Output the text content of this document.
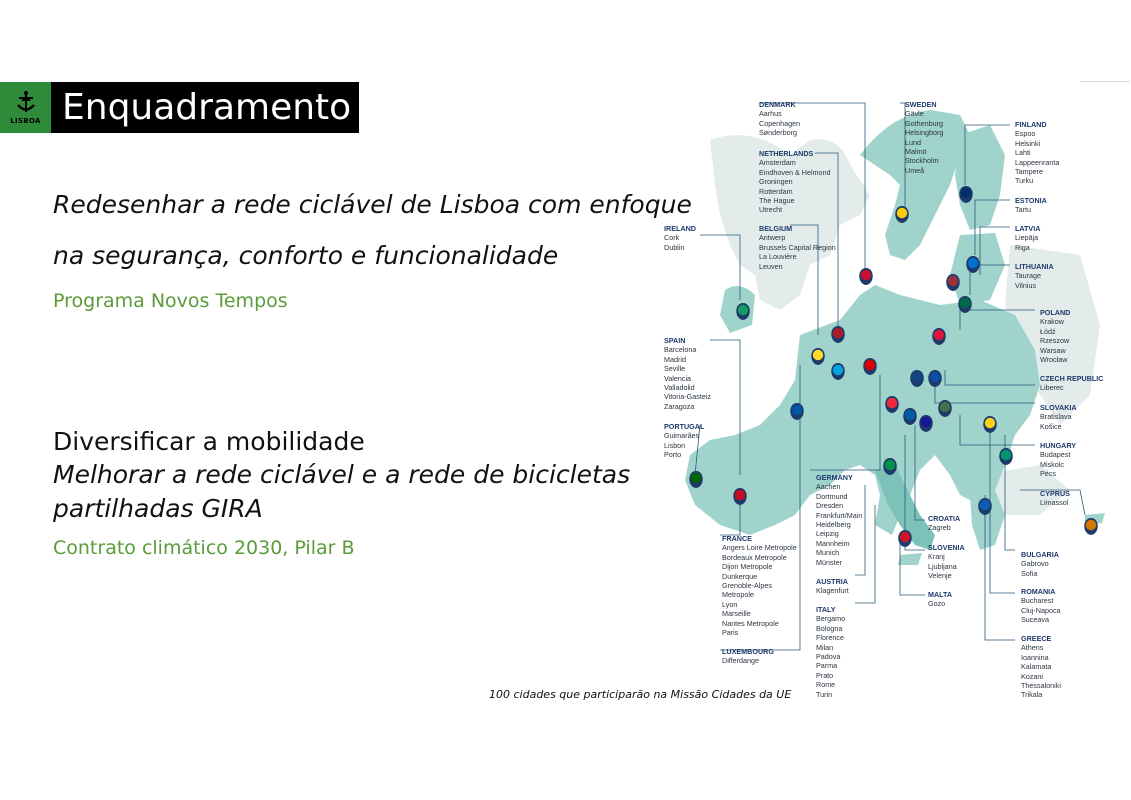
LISBOA Enquadramento
Redesenhar a rede ciclável de Lisboa com enfoque
na segurança, conforto e funcionalidade
Programa Novos Tempos
Diversificar a mobilidade
Melhorar a rede ciclável e a rede de bicicletas
partilhadas GIRA
Contrato climático 2030, Pilar B
DENMARK
Aarhus
Copenhagen
Sønderborg
NETHERLANDS
Amsterdam
Eindhoven & Helmond
Groningen
Rotterdam
The Hague
Utrecht
BELGIUM
Antwerp
Brussels Capital Region
La Louvière
Leuven
IRELAND
Cork
Dublin
SPAIN
Barcelona
Madrid
Seville
Valencia
Valladolid
Vitoria-Gasteiz
Zaragoza
PORTUGAL
Guimarães
Lisbon
Porto
FRANCE
Angers Loire Metropole
Bordeaux Metropole
Dijon Metropole
Dunkerque
Grenoble-Alpes
Metropole
Lyon
Marseille
Nantes Metropole
Paris
LUXEMBOURG
Differdange
GERMANY
Aachen
Dortmund
Dresden
Frankfurt/Main
Heidelberg
Leipzig
Mannheim
Munich
Münster
AUSTRIA
Klagenfurt
ITALY
Bergamo
Bologna
Florence
Milan
Padova
Parma
Prato
Rome
Turin
SWEDEN
Gävle
Gothenburg
Helsingborg
Lund
Malmö
Stockholm
Umeå
FINLAND
Espoo
Helsinki
Lahti
Lappeenranta
Tampere
Turku
ESTONIA
Tartu
LATVIA
Liepāja
Riga
LITHUANIA
Taurage
Vilnius
POLAND
Krakow
Łódź
Rzeszow
Warsaw
Wrocław
CZECH REPUBLIC
Liberec
SLOVAKIA
Bratislava
Košice
HUNGARY
Budapest
Miskolc
Pécs
CYPRUS
Limassol
CROATIA
Zagreb
SLOVENIA
Kranj
Ljubljana
Velenje
MALTA
Gozo
BULGARIA
Gabrovo
Sofia
ROMANIA
Bucharest
Cluj-Napoca
Suceava
GREECE
Athens
Ioannina
Kalamata
Kozani
Thessaloniki
Trikala
100 cidades que participarão na Missão Cidades da UE
